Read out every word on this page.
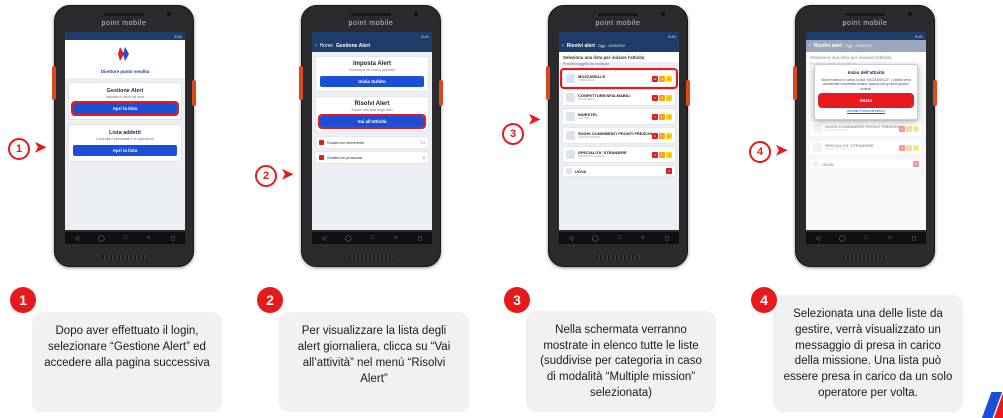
point mobile
9:41
Direttore punto vendita
Gestione Alert
Imposta e risolvi gli alert
Apri la lista
Lista addetti
Controlla il personale e le operazioni
Apri la lista
◁	◯	□	☼	◻
1 ➤
1

Dopo aver effettuato il login, selezionare “Gestione Alert” ed accedere alla pagina successiva

point mobile
9:41
‹ Home Gestione Alert
Imposta Alert
Scansiona un nuovo prodotto
Inizia Subito
Risolvi Alert
Accedi alla lista degli alert
Vai all'attività
Scadenza imminente	14
Scadenza prossima	8
◁	◯	□	☼	◻
2 ➤
2

Per visualizzare la lista degli alert giornaliera, clicca su “Vai all’attività” nel menú “Risolvi Alert”

point mobile
9:41
‹ Risolvi alert Oggi - 20/08/2020
Seleziona una lista per iniziare l'attività
Prodotti soggetti da verificare
MOZZARELLE
FORMAGGI	12	4	2
CONFETTURE/SFALMABILI
DOLCIARIO	9	3	1
WURSTEL
SALUMI	7	2	1
SUGHI CONDIMENTI PRONTI FRESCHI
GASTRONOMIA	6	3	2
SPECIALITA' STRANIERE
PRODOTTI ETNICI	5	2	1
UOVA	4
◁	◯	□	☼	◻
3
➤
3

Nella schermata verranno mostrate in elenco tutte le liste (suddivise per categoria in caso di modalità “Multiple mission” selezionata)

point mobile
9:41
Inizio dell'attività
Stai prendendo in carico la lista “MOZZARELLE”. L'attività verrà considerata completata soltanto quando tutti gli alert saranno rientrati.
INIZIA
Annulla e torna all'elenco
◁	◯	□	☼	◻
4 ➤
4

Selezionata una delle liste da gestire, verrà visualizzato un messaggio di presa in carico della missione. Una lista può essere presa in carico da un solo operatore per volta.
